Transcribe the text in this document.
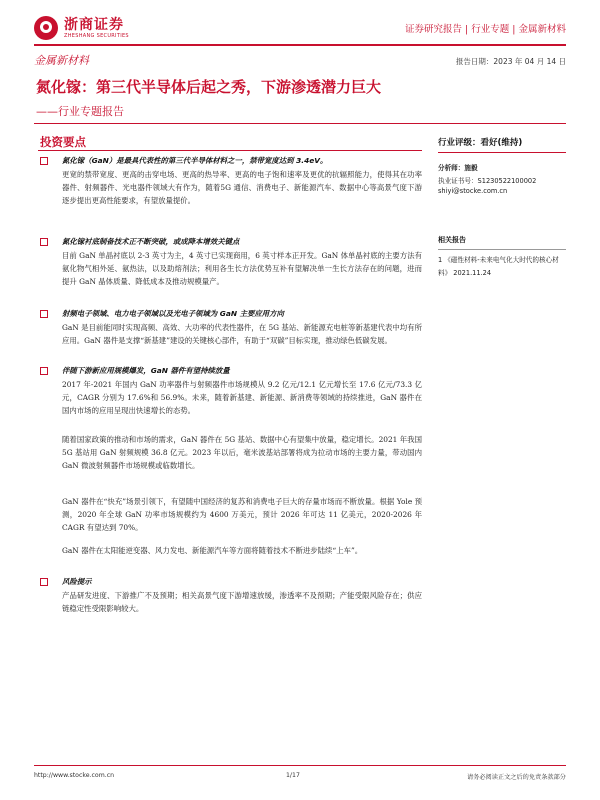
浙商证券
ZHESHANG SECURITIES
证券研究报告 | 行业专题 | 金属新材料
金属新材料	报告日期：2023 年 04 月 14 日
氮化镓：第三代半导体后起之秀，下游渗透潜力巨大
——行业专题报告
行业评级：看好(维持)
分析师：施毅
执业证书号：S1230522100002
shiyi@stocke.com.cn
相关报告
1 《磁性材料-未来电气化大时代的核心材料》 2021.11.24
投资要点
氮化镓（GaN）是最具代表性的第三代半导体材料之一，禁带宽度达到 3.4eV。
更宽的禁带宽度、更高的击穿电场、更高的热导率、更高的电子饱和速率及更优的抗辐照能力，使得其在功率器件、射频器件、光电器件领域大有作为，随着5G 通信、消费电子、新能源汽车、数据中心等高景气度下游逐步提出更高性能要求，有望放量提价。
氮化镓衬底制备技术正不断突破，或成降本增效关键点
目前 GaN 单晶衬底以 2-3 英寸为主，4 英寸已实现商用，6 英寸样本正开发。GaN 体单晶衬底的主要方法有氨化物气相外延、氨热法，以及助熔剂法；利用各生长方法优势互补有望解决单一生长方法存在的问题，进而提升 GaN 晶体质量、降低成本及推动规模量产。
射频电子领域、电力电子领域以及光电子领域为 GaN 主要应用方向
GaN 是目前能同时实现高频、高效、大功率的代表性器件，在 5G 基站、新能源充电桩等新基建代表中均有所应用。GaN 器件是支撑“新基建”建设的关键核心部件，有助于“双碳”目标实现，推动绿色低碳发展。
伴随下游新应用规模爆发，GaN 器件有望持续放量
2017 年-2021 年国内 GaN 功率器件与射频器件市场规模从 9.2 亿元/12.1 亿元增长至 17.6 亿元/73.3 亿元，CAGR 分别为 17.6%和 56.9%。未来，随着新基建、新能源、新消费等领域的持续推进，GaN 器件在国内市场的应用呈现出快速增长的态势。
随着国家政策的推动和市场的需求，GaN 器件在 5G 基站、数据中心有望集中放量，稳定增长。2021 年我国 5G 基站用 GaN 射频规模 36.8 亿元。2023 年以后，毫米波基站部署将成为拉动市场的主要力量，带动国内 GaN 微波射频器件市场规模或临数增长。
GaN 器件在“快充”场景引领下，有望随中国经济的复苏和消费电子巨大的存量市场而不断放量。根据 Yole 预测，2020 年全球 GaN 功率市场规模约为 4600 万美元，预计 2026 年可达 11 亿美元，2020-2026 年 CAGR 有望达到 70%。
GaN 器件在太阳能逆变器、风力发电、新能源汽车等方面将随着技术不断进步陆续“上车”。
风险提示
产品研发进度、下游推广不及预期；相关高景气度下游增速放缓，渗透率不及预期；产能受限风险存在；供应链稳定性受限影响较大。
http://www.stocke.com.cn	1/17	请务必阅读正文之后的免责条款部分
